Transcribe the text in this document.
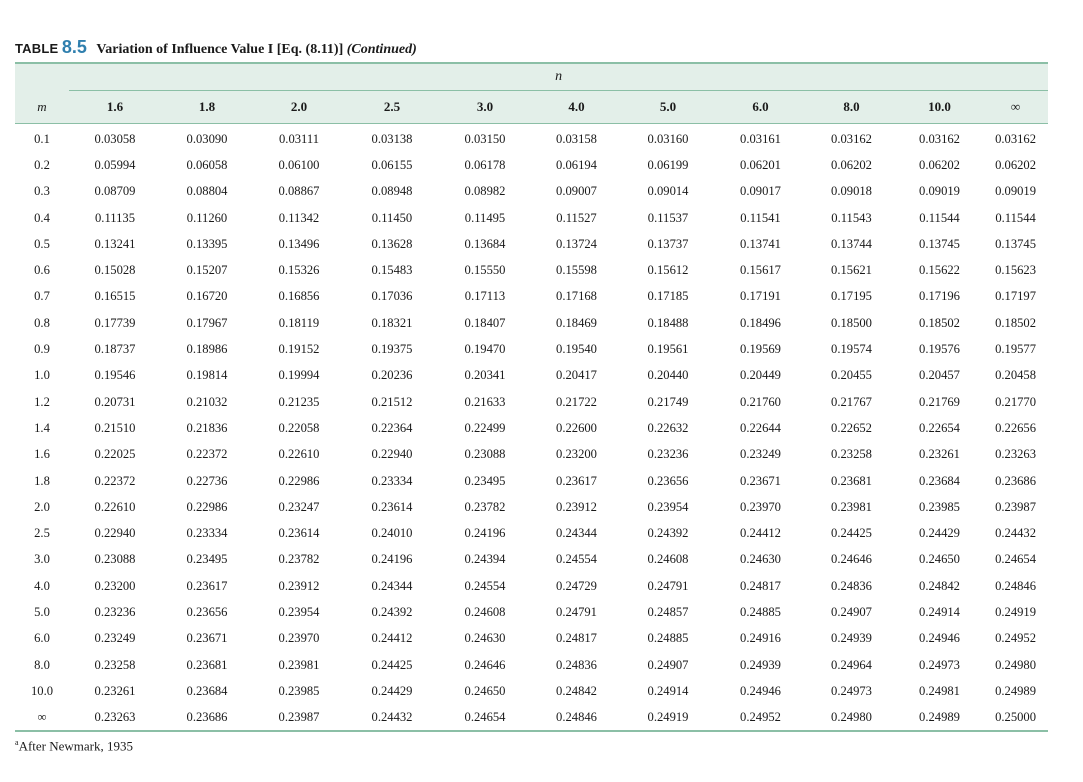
TABLE 8.5 Variation of Influence Value I [Eq. (8.11)] (Continued)
	n										
m	1.6	1.8	2.0	2.5	3.0	4.0	5.0	6.0	8.0	10.0	∞
0.1	0.03058	0.03090	0.03111	0.03138	0.03150	0.03158	0.03160	0.03161	0.03162	0.03162	0.03162
0.2	0.05994	0.06058	0.06100	0.06155	0.06178	0.06194	0.06199	0.06201	0.06202	0.06202	0.06202
0.3	0.08709	0.08804	0.08867	0.08948	0.08982	0.09007	0.09014	0.09017	0.09018	0.09019	0.09019
0.4	0.11135	0.11260	0.11342	0.11450	0.11495	0.11527	0.11537	0.11541	0.11543	0.11544	0.11544
0.5	0.13241	0.13395	0.13496	0.13628	0.13684	0.13724	0.13737	0.13741	0.13744	0.13745	0.13745
0.6	0.15028	0.15207	0.15326	0.15483	0.15550	0.15598	0.15612	0.15617	0.15621	0.15622	0.15623
0.7	0.16515	0.16720	0.16856	0.17036	0.17113	0.17168	0.17185	0.17191	0.17195	0.17196	0.17197
0.8	0.17739	0.17967	0.18119	0.18321	0.18407	0.18469	0.18488	0.18496	0.18500	0.18502	0.18502
0.9	0.18737	0.18986	0.19152	0.19375	0.19470	0.19540	0.19561	0.19569	0.19574	0.19576	0.19577
1.0	0.19546	0.19814	0.19994	0.20236	0.20341	0.20417	0.20440	0.20449	0.20455	0.20457	0.20458
1.2	0.20731	0.21032	0.21235	0.21512	0.21633	0.21722	0.21749	0.21760	0.21767	0.21769	0.21770
1.4	0.21510	0.21836	0.22058	0.22364	0.22499	0.22600	0.22632	0.22644	0.22652	0.22654	0.22656
1.6	0.22025	0.22372	0.22610	0.22940	0.23088	0.23200	0.23236	0.23249	0.23258	0.23261	0.23263
1.8	0.22372	0.22736	0.22986	0.23334	0.23495	0.23617	0.23656	0.23671	0.23681	0.23684	0.23686
2.0	0.22610	0.22986	0.23247	0.23614	0.23782	0.23912	0.23954	0.23970	0.23981	0.23985	0.23987
2.5	0.22940	0.23334	0.23614	0.24010	0.24196	0.24344	0.24392	0.24412	0.24425	0.24429	0.24432
3.0	0.23088	0.23495	0.23782	0.24196	0.24394	0.24554	0.24608	0.24630	0.24646	0.24650	0.24654
4.0	0.23200	0.23617	0.23912	0.24344	0.24554	0.24729	0.24791	0.24817	0.24836	0.24842	0.24846
5.0	0.23236	0.23656	0.23954	0.24392	0.24608	0.24791	0.24857	0.24885	0.24907	0.24914	0.24919
6.0	0.23249	0.23671	0.23970	0.24412	0.24630	0.24817	0.24885	0.24916	0.24939	0.24946	0.24952
8.0	0.23258	0.23681	0.23981	0.24425	0.24646	0.24836	0.24907	0.24939	0.24964	0.24973	0.24980
10.0	0.23261	0.23684	0.23985	0.24429	0.24650	0.24842	0.24914	0.24946	0.24973	0.24981	0.24989
∞	0.23263	0.23686	0.23987	0.24432	0.24654	0.24846	0.24919	0.24952	0.24980	0.24989	0.25000
$^a$After Newmark, 1935
